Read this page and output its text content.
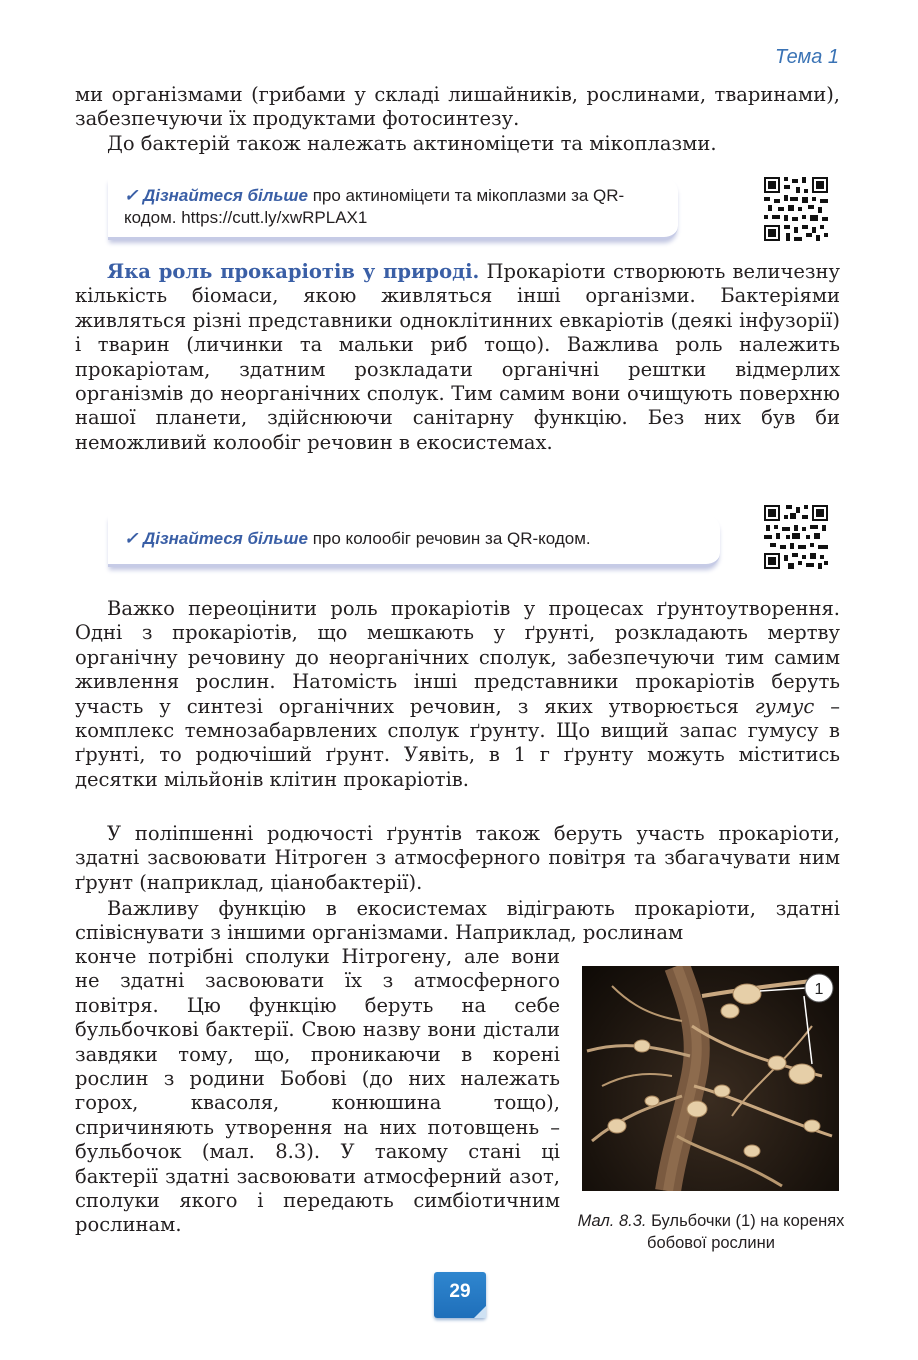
Тема 1

ми організмами (грибами у складі лишайників, рослинами, тваринами), забезпечуючи їх продуктами фотосинтезу.

До бактерій також належать актиноміцети та мікоплазми.

✓ Дізнайтеся більше про актиноміцети та мікоплазми за QR-кодом. https://cutt.ly/xwRPLAX1

Яка роль прокаріотів у природі. Прокаріоти створюють величезну кількість біомаси, якою живляться інші організми. Бактеріями живляться різні представники одноклітинних евкаріотів (деякі інфузорії) і тварин (личинки та мальки риб тощо). Важлива роль належить прокаріотам, здатним розкладати органічні рештки відмерлих організмів до неорганічних сполук. Тим самим вони очищують поверхню нашої планети, здійснюючи санітарну функцію. Без них був би неможливий колообіг речовин в екосистемах.

✓ Дізнайтеся більше про колообіг речовин за QR-кодом.

Важко переоцінити роль прокаріотів у процесах ґрунтоутворення. Одні з прокаріотів, що мешкають у ґрунті, розкладають мертву органічну речовину до неорганічних сполук, забезпечуючи тим самим живлення рослин. Натомість інші представники прокаріотів беруть участь у синтезі органічних речовин, з яких утворюється гумус – комплекс темнозабарвлених сполук ґрунту. Що вищий запас гумусу в ґрунті, то родючіший ґрунт. Уявіть, в 1 г ґрунту можуть міститись десятки мільйонів клітин прокаріотів.

У поліпшенні родючості ґрунтів також беруть участь прокаріоти, здатні засвоювати Нітроген з атмосферного повітря та збагачувати ним ґрунт (наприклад, ціанобактерії).

Важливу функцію в екосистемах відіграють прокаріоти, здатні співіснувати з іншими організмами. Наприклад, рослинам

конче потрібні сполуки Нітрогену, але вони не здатні засвоювати їх з атмосферного повітря. Цю функцію беруть на себе бульбочкові бактерії. Свою назву вони дістали завдяки тому, що, проникаючи в корені рослин з родини Бобові (до них належать горох, квасоля, конюшина тощо), спричиняють утворення на них потовщень – бульбочок (мал. 8.3). У такому стані ці бактерії здатні засвоювати атмосферний азот, сполуки якого і передають симбіотичним рослинам.

1
Мал. 8.3. Бульбочки (1) на коренях бобової рослини
29
